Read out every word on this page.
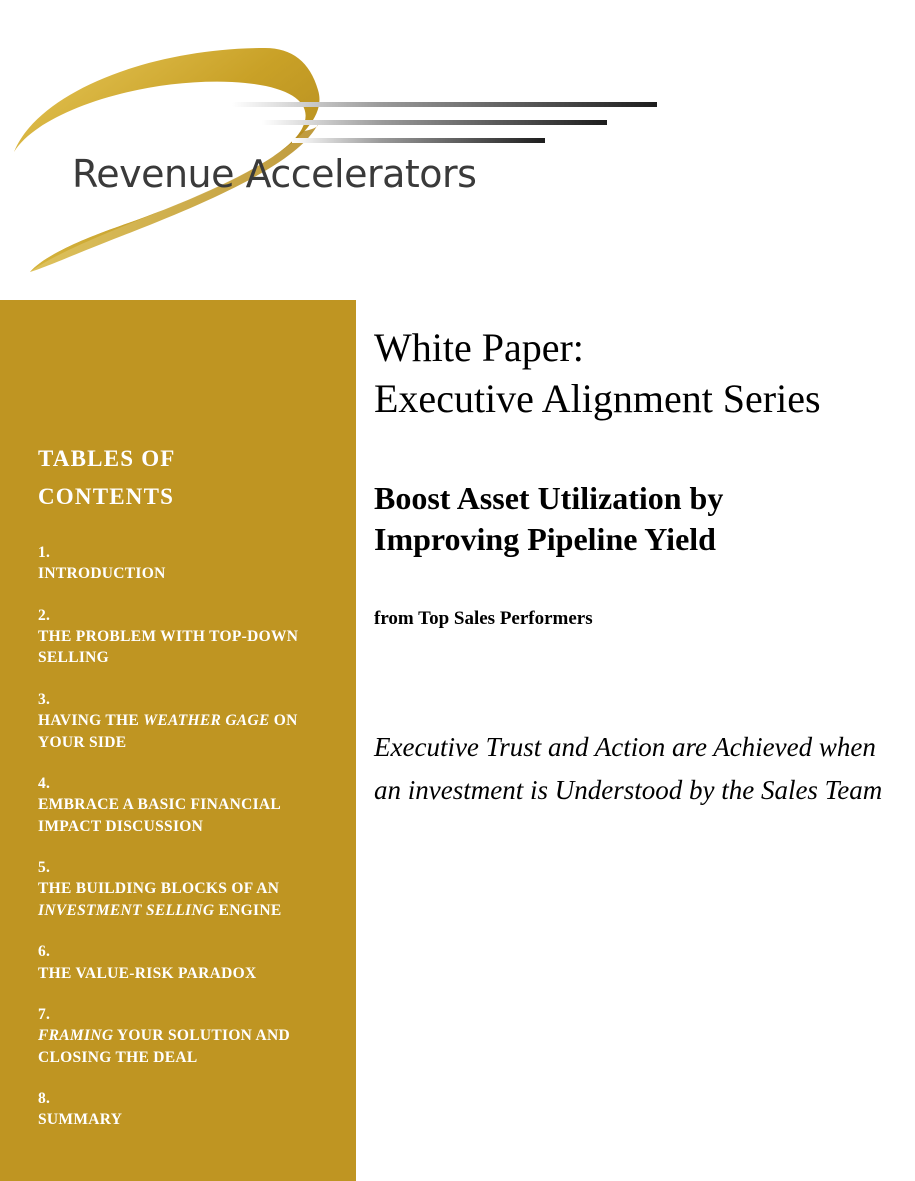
Revenue Accelerators
TABLES OF CONTENTS
1.
INTRODUCTION
2.
THE PROBLEM WITH TOP-DOWN SELLING
3.
HAVING THE WEATHER GAGE ON YOUR SIDE
4.
EMBRACE A BASIC FINANCIAL IMPACT DISCUSSION
5.
THE BUILDING BLOCKS OF AN INVESTMENT SELLING ENGINE
6.
THE VALUE-RISK PARADOX
7.
FRAMING YOUR SOLUTION AND CLOSING THE DEAL
8.
SUMMARY
White Paper:
Executive Alignment Series
Boost Asset Utilization by
Improving Pipeline Yield

from Top Sales Performers

Executive Trust and Action are Achieved when an investment is Understood by the Sales Team
